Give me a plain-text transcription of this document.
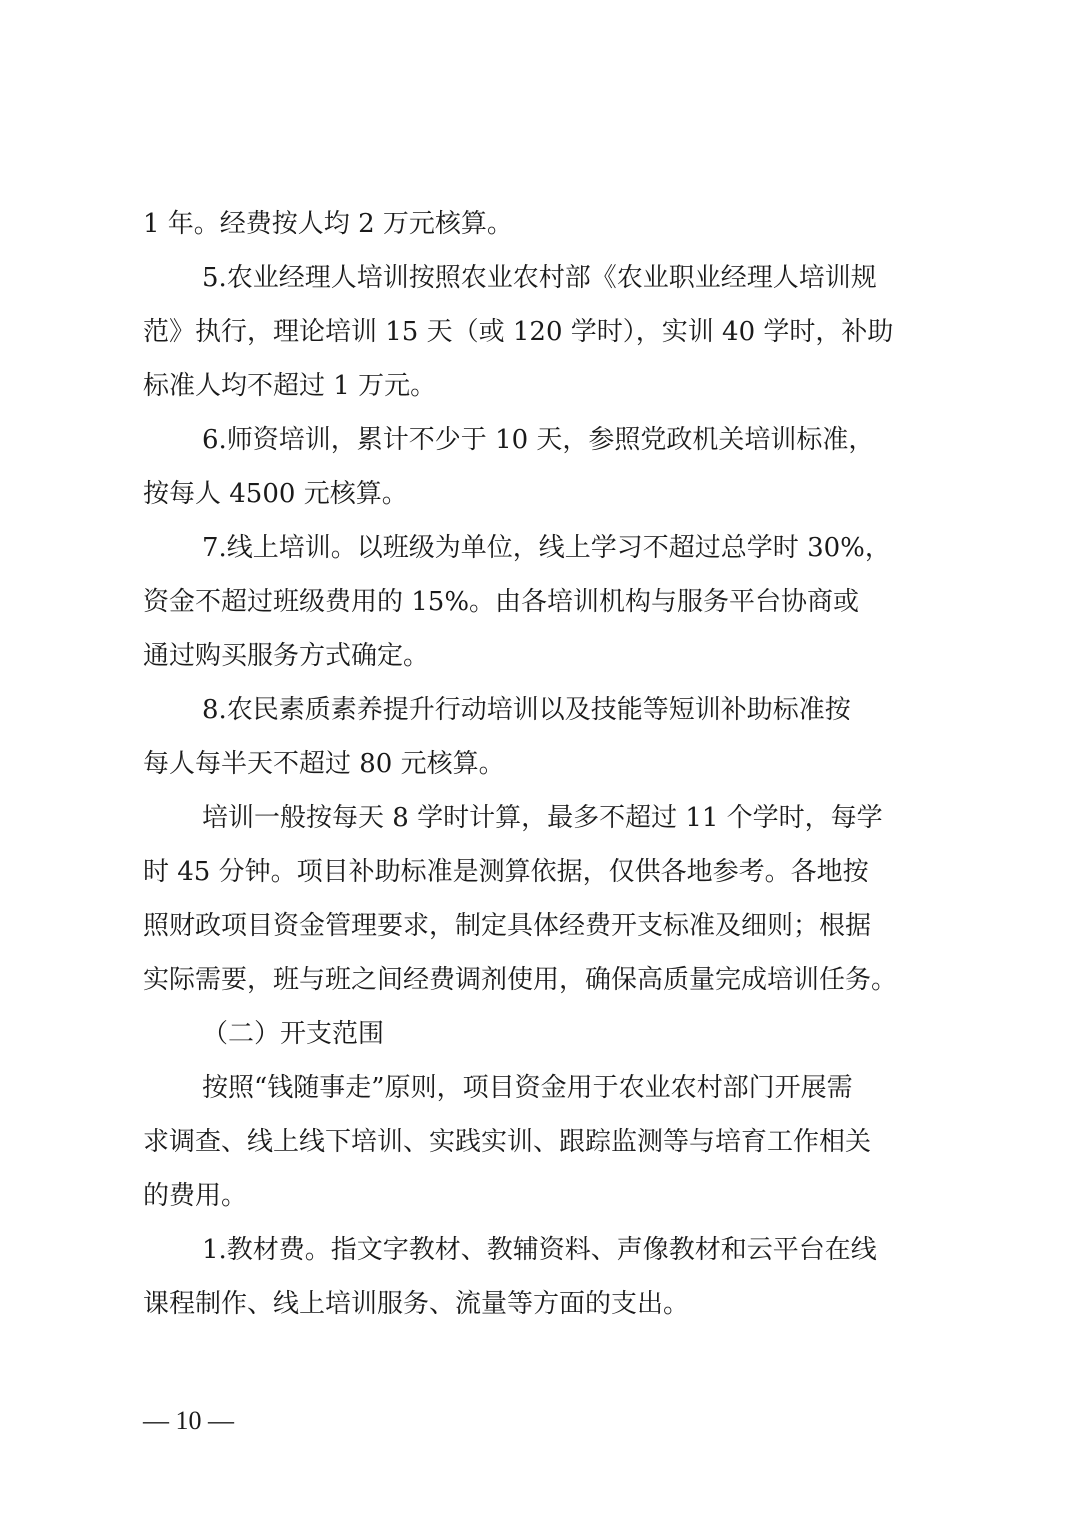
1 年。经费按人均 2 万元核算。
5.农业经理人培训按照农业农村部《农业职业经理人培训规
范》执行，理论培训 15 天（或 120 学时），实训 40 学时，补助
标准人均不超过 1 万元。
6.师资培训，累计不少于 10 天，参照党政机关培训标准，
按每人 4500 元核算。
7.线上培训。以班级为单位，线上学习不超过总学时 30%，
资金不超过班级费用的 15%。由各培训机构与服务平台协商或
通过购买服务方式确定。
8.农民素质素养提升行动培训以及技能等短训补助标准按
每人每半天不超过 80 元核算。
培训一般按每天 8 学时计算，最多不超过 11 个学时，每学
时 45 分钟。项目补助标准是测算依据，仅供各地参考。各地按
照财政项目资金管理要求，制定具体经费开支标准及细则；根据
实际需要，班与班之间经费调剂使用，确保高质量完成培训任务。
（二）开支范围
按照“钱随事走”原则，项目资金用于农业农村部门开展需
求调查、线上线下培训、实践实训、跟踪监测等与培育工作相关
的费用。
1.教材费。指文字教材、教辅资料、声像教材和云平台在线
课程制作、线上培训服务、流量等方面的支出。
— 10 —
